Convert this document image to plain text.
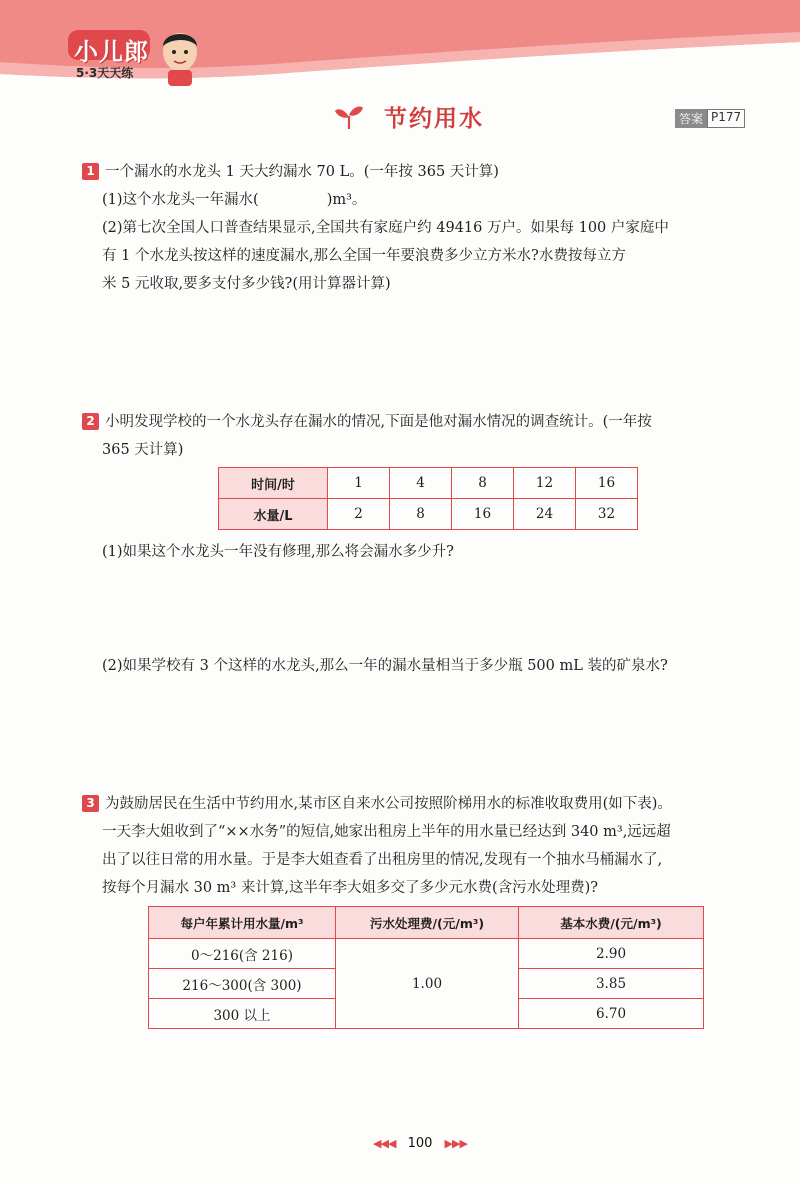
小儿郎
5·3天天练
节约用水	答案 P177
1 一个漏水的水龙头 1 天大约漏水 70 L。(一年按 365 天计算)
(1)这个水龙头一年漏水(	)m³。
(2)第七次全国人口普查结果显示,全国共有家庭户约 49416 万户。如果每 100 户家庭中
有 1 个水龙头按这样的速度漏水,那么全国一年要浪费多少立方米水?水费按每立方
米 5 元收取,要多支付多少钱?(用计算器计算)
2 小明发现学校的一个水龙头存在漏水的情况,下面是他对漏水情况的调查统计。(一年按
365 天计算)
时间/时	1	4	8	12	16
水量/L	2	8	16	24	32
(1)如果这个水龙头一年没有修理,那么将会漏水多少升?
(2)如果学校有 3 个这样的水龙头,那么一年的漏水量相当于多少瓶 500 mL 装的矿泉水?
3 为鼓励居民在生活中节约用水,某市区自来水公司按照阶梯用水的标准收取费用(如下表)。
一天李大姐收到了“××水务”的短信,她家出租房上半年的用水量已经达到 340 m³,远远超
出了以往日常的用水量。于是李大姐查看了出租房里的情况,发现有一个抽水马桶漏水了,
按每个月漏水 30 m³ 来计算,这半年李大姐多交了多少元水费(含污水处理费)?
每户年累计用水量/m³	污水处理费/(元/m³)	基本水费/(元/m³)
0～216(含 216)	1.00	2.90
216～300(含 300)		3.85
300 以上		6.70
◀◀◀ 100 ▶▶▶
